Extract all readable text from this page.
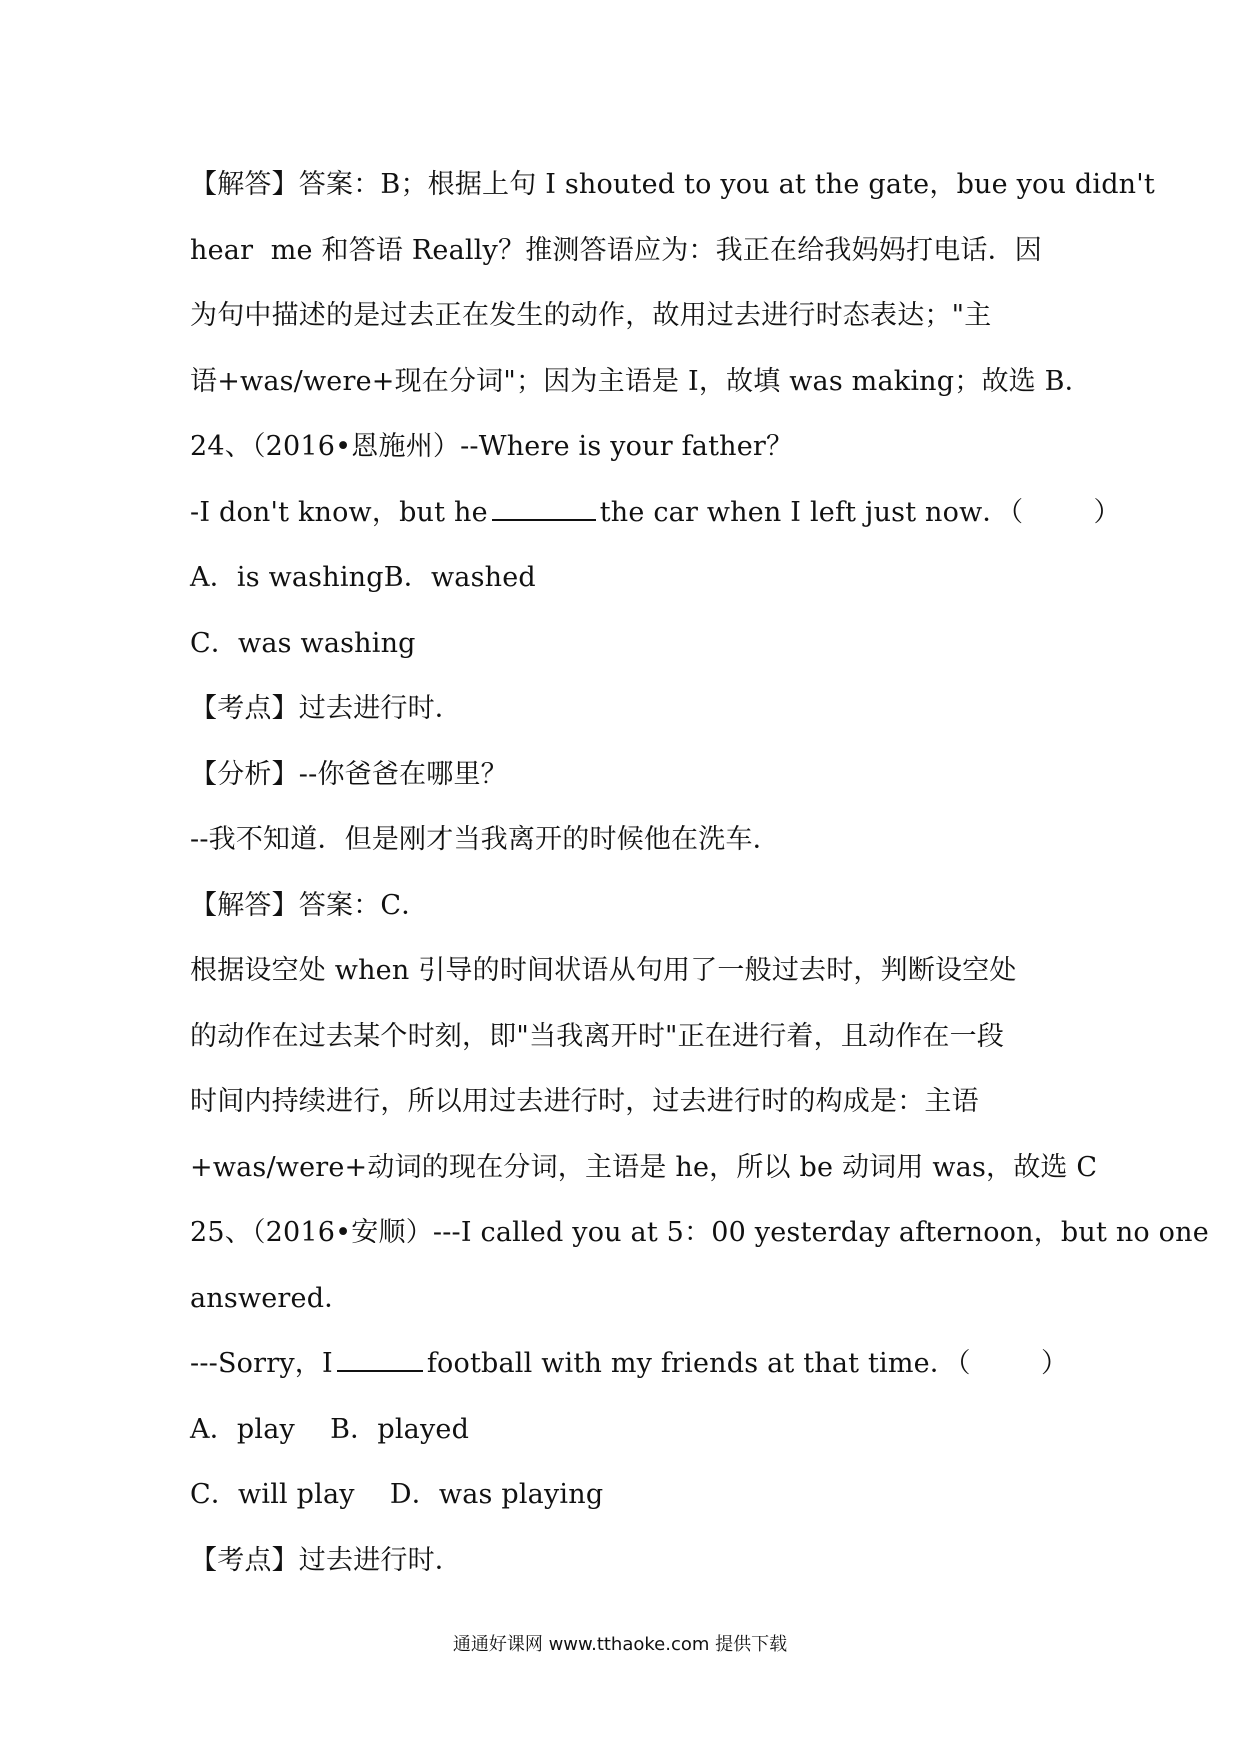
【解答】答案：B；根据上句 I shouted to you at the gate，bue you didn't
hear  me 和答语 Really？推测答语应为：我正在给我妈妈打电话．因
为句中描述的是过去正在发生的动作，故用过去进行时态表达；"主
语+was/were+现在分词"；因为主语是 I，故填 was making；故选 B．
24、（2016•恩施州）--Where is your father？
-I don't know，but he	the car when I left just now．（        ）
A．is washingB．washed
C．was washing
【考点】过去进行时．
【分析】--你爸爸在哪里？
--我不知道．但是刚才当我离开的时候他在洗车．
【解答】答案：C．
根据设空处 when 引导的时间状语从句用了一般过去时，判断设空处
的动作在过去某个时刻，即"当我离开时"正在进行着，且动作在一段
时间内持续进行，所以用过去进行时，过去进行时的构成是：主语
+was/were+动词的现在分词，主语是 he，所以 be 动词用 was，故选 C
25、（2016•安顺）---I called you at 5：00 yesterday afternoon，but no one
answered．
---Sorry，I	football with my friends at that time．（        ）
A．play    B．played
C．will play    D．was playing
【考点】过去进行时．
通通好课网 www.tthaoke.com 提供下载
